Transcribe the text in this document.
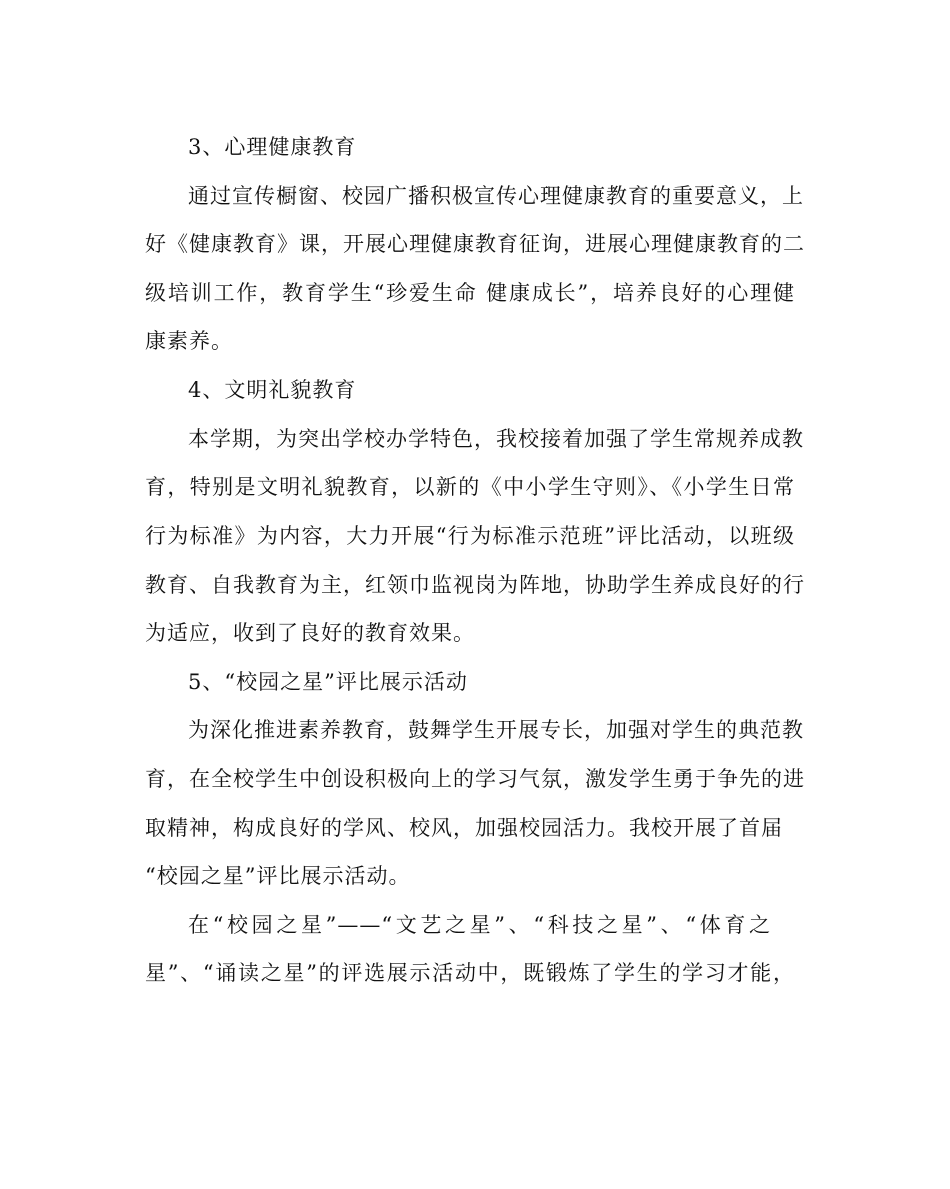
3、心理健康教育
通过宣传橱窗、校园广播积极宣传心理健康教育的重要意义，上
好《健康教育》课，开展心理健康教育征询，进展心理健康教育的二
级培训工作，教育学生“珍爱生命 健康成长”，培养良好的心理健
康素养。
4、文明礼貌教育
本学期，为突出学校办学特色，我校接着加强了学生常规养成教
育，特别是文明礼貌教育，以新的《中小学生守则》、《小学生日常
行为标准》为内容，大力开展“行为标准示范班”评比活动，以班级
教育、自我教育为主，红领巾监视岗为阵地，协助学生养成良好的行
为适应，收到了良好的教育效果。
5、“校园之星”评比展示活动
为深化推进素养教育，鼓舞学生开展专长，加强对学生的典范教
育，在全校学生中创设积极向上的学习气氛，激发学生勇于争先的进
取精神，构成良好的学风、校风，加强校园活力。我校开展了首届
“校园之星”评比展示活动。
在“校园之星”——“文艺之星”、“科技之星”、“体育之
星”、“诵读之星”的评选展示活动中，既锻炼了学生的学习才能，
